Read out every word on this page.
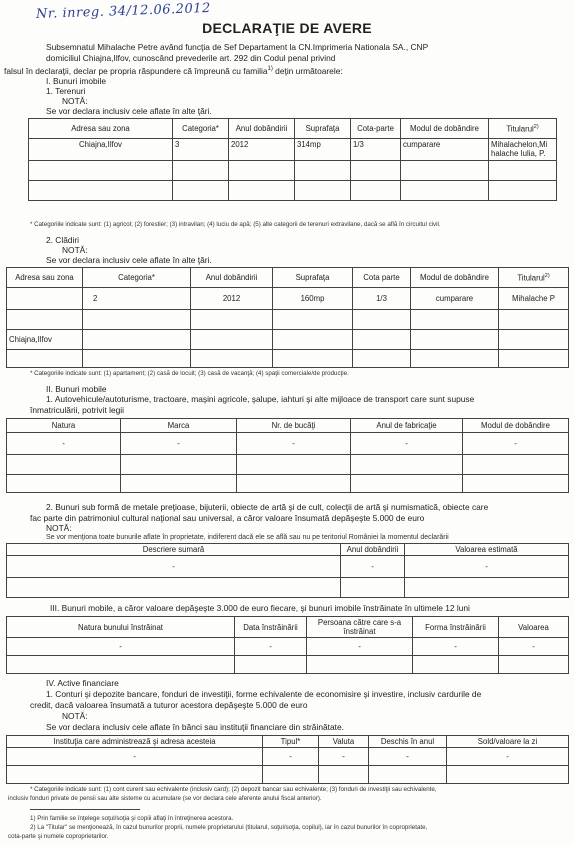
Nr. inreg. 34/12.06.2012
DECLARAŢIE DE AVERE
Subsemnatul Mihalache Petre având funcţia de Sef Departament la CN.Imprimeria Nationala SA., CNP
domiciliul Chiajna,Ilfov, cunoscând prevederile art. 292 din Codul penal privind
falsul în declaraţii, declar pe propria răspundere că împreună cu familia$^{1)}$ deţin următoarele:
I. Bunuri imobile
1. Terenuri
NOTĂ:
Se vor declara inclusiv cele aflate în alte ţări.
Adresa sau zona	Categoria*	Anul dobândirii	Suprafaţa	Cota-parte	Modul de dobândire	Titularul$^{2)}$
Chiajna,Ilfov	3	2012	314mp	1/3	cumparare	Mihalachelon,Mi halache Iulia, P.

* Categoriile indicate sunt: (1) agricol; (2) forestier; (3) intravilan; (4) luciu de apă; (5) alte categorii de terenuri extravilane, dacă se află în circuitul civil.
2. Clădiri
NOTĂ:
Se vor declara inclusiv cele aflate în alte ţări.
Adresa sau zona	Categoria*	Anul dobândirii	Suprafaţa	Cota parte	Modul de dobândire	Titularul$^{2)}$
	2	2012	160mp	1/3	cumparare	Mihalache P

Chiajna,Ilfov						

* Categoriile indicate sunt: (1) apartament; (2) casă de locuit; (3) casă de vacanţă; (4) spaţii comerciale/de producţie.
II. Bunuri mobile
1. Autovehicule/autoturisme, tractoare, maşini agricole, şalupe, iahturi şi alte mijloace de transport care sunt supuse
înmatriculării, potrivit legii
Natura	Marca	Nr. de bucăţi	Anul de fabricaţie	Modul de dobândire
-	-	-	-	-

2. Bunuri sub formă de metale preţioase, bijuterii, obiecte de artă şi de cult, colecţii de artă şi numismatică, obiecte care
fac parte din patrimoniul cultural naţional sau universal, a căror valoare însumată depăşeşte 5.000 de euro
NOTĂ:
Se vor menţiona toate bunurile aflate în proprietate, indiferent dacă ele se află sau nu pe teritoriul României la momentul declarării
Descriere sumară	Anul dobândirii	Valoarea estimată
-	-	-

III. Bunuri mobile, a căror valoare depăşeşte 3.000 de euro fiecare, şi bunuri imobile înstrăinate în ultimele 12 luni
Natura bunului înstrăinat	Data înstrăinării	Persoana către care s-a înstrăinat	Forma înstrăinării	Valoarea
-	-	-	-	-

IV. Active financiare
1. Conturi şi depozite bancare, fonduri de investiţii, forme echivalente de economisire şi investire, inclusiv cardurile de
credit, dacă valoarea însumată a tuturor acestora depăşeşte 5.000 de euro
NOTĂ:
Se vor declara inclusiv cele aflate în bănci sau instituţii financiare din străinătate.
Instituţia care administrează şi adresa acesteia	Tipul*	Valuta	Deschis în anul	Sold/valoare la zi
-	-	-	-	-

* Categoriile indicate sunt: (1) cont curent sau echivalente (inclusiv card); (2) depozit bancar sau echivalente; (3) fonduri de investiţii sau echivalente,
inclusiv fonduri private de pensii sau alte sisteme cu acumulare (se vor declara cele aferente anului fiscal anterior).
1) Prin familie se înţelege soţul/soţia şi copiii aflaţi în întreţinerea acestora.
2) La "Titular" se menţionează, în cazul bunurilor proprii, numele proprietarului (titularul, soţul/soţia, copilul), iar în cazul bunurilor în coproprietate,
cota-parte şi numele coproprietarilor.
